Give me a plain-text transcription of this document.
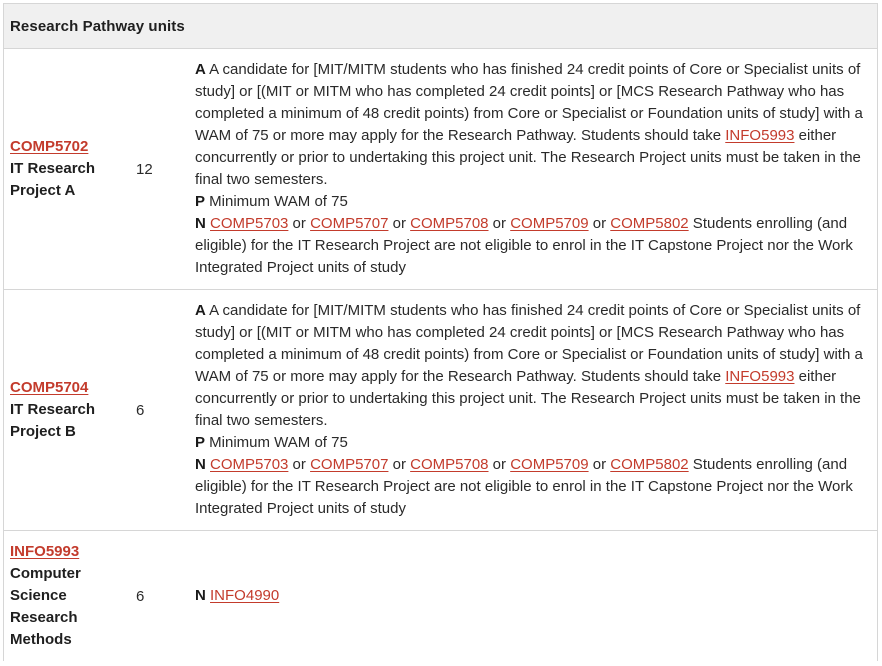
Research Pathway units
COMP5702
IT Research
Project A
12
A A candidate for [MIT/MITM students who has finished 24 credit points of Core or Specialist units of study] or [(MIT or MITM who has completed 24 credit points] or [MCS Research Pathway who has completed a minimum of 48 credit points) from Core or Specialist or Foundation units of study] with a WAM of 75 or more may apply for the Research Pathway. Students should take INFO5993 either concurrently or prior to undertaking this project unit. The Research Project units must be taken in the final two semesters.
P Minimum WAM of 75
N COMP5703 or COMP5707 or COMP5708 or COMP5709 or COMP5802 Students enrolling (and eligible) for the IT Research Project are not eligible to enrol in the IT Capstone Project nor the Work Integrated Project units of study
COMP5704
IT Research
Project B
6
A A candidate for [MIT/MITM students who has finished 24 credit points of Core or Specialist units of study] or [(MIT or MITM who has completed 24 credit points] or [MCS Research Pathway who has completed a minimum of 48 credit points) from Core or Specialist or Foundation units of study] with a WAM of 75 or more may apply for the Research Pathway. Students should take INFO5993 either concurrently or prior to undertaking this project unit. The Research Project units must be taken in the final two semesters.
P Minimum WAM of 75
N COMP5703 or COMP5707 or COMP5708 or COMP5709 or COMP5802 Students enrolling (and eligible) for the IT Research Project are not eligible to enrol in the IT Capstone Project nor the Work Integrated Project units of study
INFO5993
Computer
Science
Research
Methods
6	N INFO4990
